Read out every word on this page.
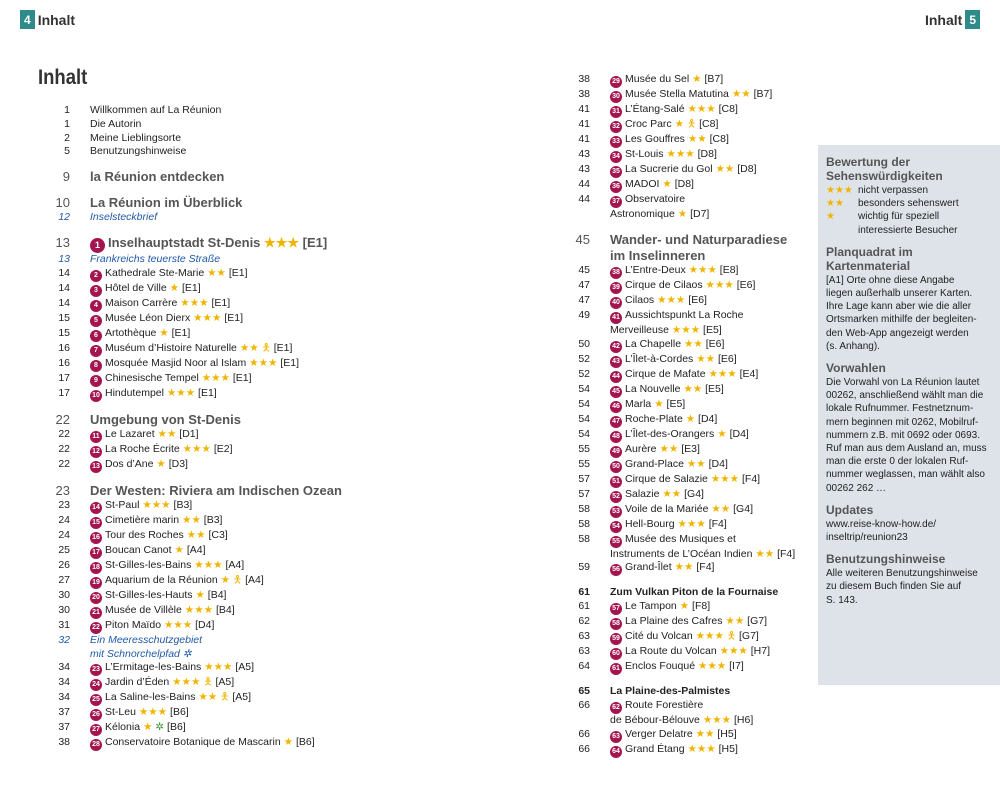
4 Inhalt	Inhalt 5
Inhalt
1	Willkommen auf La Réunion
1	Die Autorin
2	Meine Lieblingsorte
5	Benutzungshinweise
9	la Réunion entdecken
10	La Réunion im Überblick
12	Inselsteckbrief
13	1 Inselhauptstadt St-Denis ★★★ [E1]
13	Frankreichs teuerste Straße
14	2 Kathedrale Ste-Marie ★★ [E1]
14	3 Hôtel de Ville ★ [E1]
14	4 Maison Carrère ★★★ [E1]
15	5 Musée Léon Dierx ★★★ [E1]
15	6 Artothèque ★ [E1]
16	7 Muséum d’Histoire Naturelle ★★ 🯅 [E1]
16	8 Mosquée Masjid Noor al Islam ★★★ [E1]
17	9 Chinesische Tempel ★★★ [E1]
17	10 Hindutempel ★★★ [E1]
22	Umgebung von St-Denis
22	11 Le Lazaret ★★ [D1]
22	12 La Roche Écrite ★★★ [E2]
22	13 Dos d’Ane ★ [D3]
23	Der Westen: Riviera am Indischen Ozean
23	14 St-Paul ★★★ [B3]
24	15 Cimetière marin ★★ [B3]
24	16 Tour des Roches ★★ [C3]
25	17 Boucan Canot ★ [A4]
26	18 St-Gilles-les-Bains ★★★ [A4]
27	19 Aquarium de la Réunion ★ 🯅 [A4]
30	20 St-Gilles-les-Hauts ★ [B4]
30	21 Musée de Villèle ★★★ [B4]
31	22 Piton Maïdo ★★★ [D4]
32	Ein Meeresschutzgebiet
mit Schnorchelpfad ✲
34	23 L’Ermitage-les-Bains ★★★ [A5]
34	24 Jardin d’Éden ★★★ 🯅 [A5]
34	25 La Saline-les-Bains ★★ 🯅 [A5]
37	26 St-Leu ★★★ [B6]
37	27 Kélonia ★ ✲ [B6]
38	28 Conservatoire Botanique de Mascarin ★ [B6]
38	29 Musée du Sel ★ [B7]
38	30 Musée Stella Matutina ★★ [B7]
41	31 L’Étang-Salé ★★★ [C8]
41	32 Croc Parc ★ 🯅 [C8]
41	33 Les Gouffres ★★ [C8]
43	34 St-Louis ★★★ [D8]
43	35 La Sucrerie du Gol ★★ [D8]
44	36 MADOI ★ [D8]
44	37 Observatoire
Astronomique ★ [D7]
45	Wander- und Naturparadiese
im Inselinneren
45	38 L’Entre-Deux ★★★ [E8]
47	39 Cirque de Cilaos ★★★ [E6]
47	40 Cilaos ★★★ [E6]
49	41 Aussichtspunkt La Roche
Merveilleuse ★★★ [E5]
50	42 La Chapelle ★★ [E6]
52	43 L’Îlet-à-Cordes ★★ [E6]
52	44 Cirque de Mafate ★★★ [E4]
54	45 La Nouvelle ★★ [E5]
54	46 Marla ★ [E5]
54	47 Roche-Plate ★ [D4]
54	48 L’Îlet-des-Orangers ★ [D4]
55	49 Aurère ★★ [E3]
55	50 Grand-Place ★★ [D4]
57	51 Cirque de Salazie ★★★ [F4]
57	52 Salazie ★★ [G4]
58	53 Voile de la Mariée ★★ [G4]
58	54 Hell-Bourg ★★★ [F4]
58	55 Musée des Musiques et
Instruments de L’Océan Indien ★★ [F4]
59	56 Grand-Îlet ★★ [F4]
61	Zum Vulkan Piton de la Fournaise
61	57 Le Tampon ★ [F8]
62	58 La Plaine des Cafres ★★ [G7]
63	59 Cité du Volcan ★★★ 🯅 [G7]
63	60 La Route du Volcan ★★★ [H7]
64	61 Enclos Fouqué ★★★ [I7]
65	La Plaine-des-Palmistes
66	62 Route Forestière
de Bébour-Bélouve ★★★ [H6]
66	63 Verger Delatre ★★ [H5]
66	64 Grand Étang ★★★ [H5]
Bewertung der
Sehenswürdigkeiten
★★★ nicht verpassen
★★	besonders sehenswert
★	wichtig für speziell
interessierte Besucher
Planquadrat im Kartenmaterial
[A1] Orte ohne diese Angabe
liegen außerhalb unserer Karten.
Ihre Lage kann aber wie die aller
Ortsmarken mithilfe der begleiten-
den Web-App angezeigt werden
(s. Anhang).
Vorwahlen
Die Vorwahl von La Réunion lautet
00262, anschließend wählt man die
lokale Rufnummer. Festnetznum-
mern beginnen mit 0262, Mobilruf-
nummern z.B. mit 0692 oder 0693.
Ruf man aus dem Ausland an, muss
man die erste 0 der lokalen Ruf-
nummer weglassen, man wählt also
00262 262 …
Updates
www.reise-know-how.de/
inseltrip/reunion23
Benutzungshinweise
Alle weiteren Benutzungshinweise
zu diesem Buch finden Sie auf
S. 143.
